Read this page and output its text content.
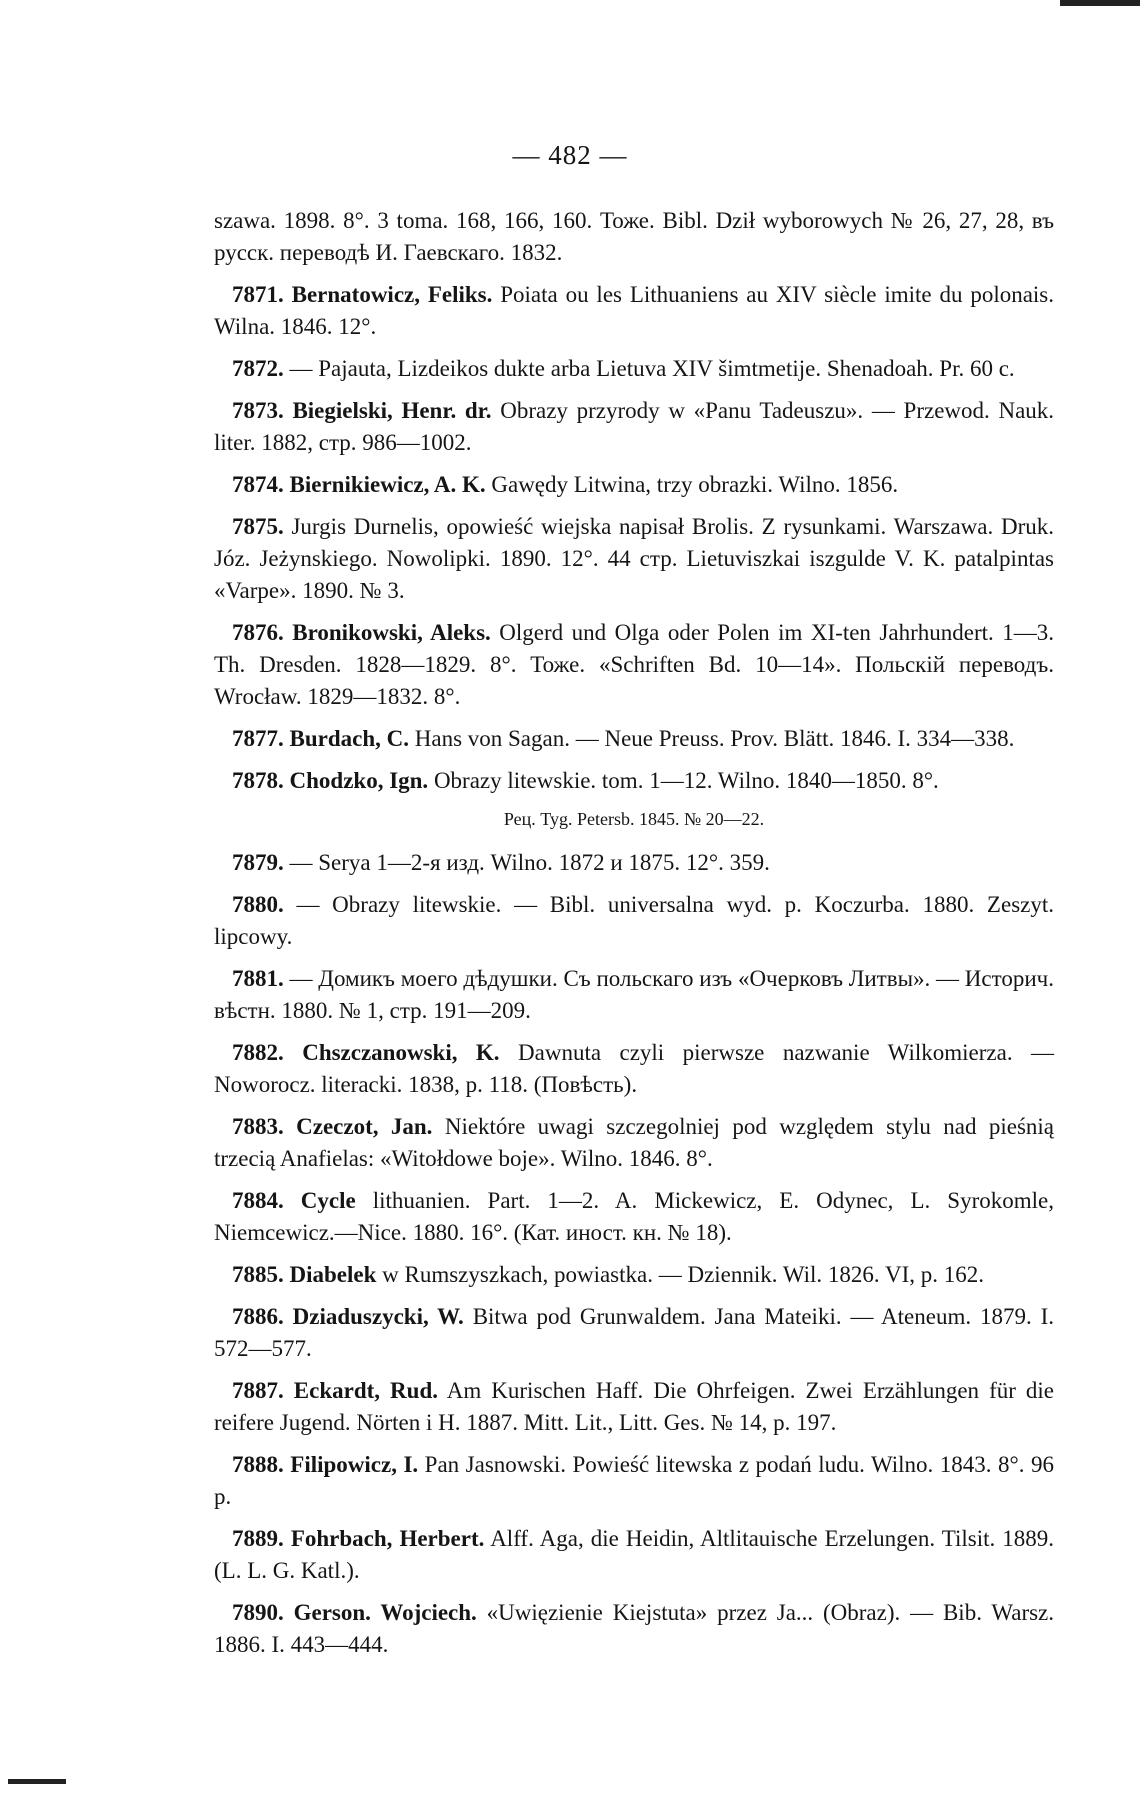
— 482 —

szawa. 1898. 8°. 3 toma. 168, 166, 160. Тоже. Bibl. Dził wyborowych № 26, 27, 28, въ русск. переводѣ И. Гаевскаго. 1832.

7871. Bernatowicz, Feliks. Poiata ou les Lithuaniens au XIV siècle imite du polonais. Wilna. 1846. 12°.

7872. — Pajauta, Lizdeikos dukte arba Lietuva XIV šimtmetije. Shenadoah. Pr. 60 c.

7873. Biegielski, Henr. dr. Obrazy przyrody w «Panu Tadeuszu». — Przewod. Nauk. liter. 1882, стр. 986—1002.

7874. Biernikiewicz, A. K. Gawędy Litwina, trzy obrazki. Wilno. 1856.

7875. Jurgis Durnelis, opowieść wiejska napisał Brolis. Z rysunkami. Warszawa. Druk. Józ. Jeżynskiego. Nowolipki. 1890. 12°. 44 стр. Lietuviszkai iszgulde V. K. patalpintas «Varpe». 1890. № 3.

7876. Bronikowski, Aleks. Olgerd und Olga oder Polen im XI-ten Jahrhundert. 1—3. Th. Dresden. 1828—1829. 8°. Тоже. «Schriften Bd. 10—14». Польскій переводъ. Wrocław. 1829—1832. 8°.

7877. Burdach, C. Hans von Sagan. — Neue Preuss. Prov. Blätt. 1846. I. 334—338.

7878. Chodzko, Ign. Obrazy litewskie. tom. 1—12. Wilno. 1840—1850. 8°.

Рец. Tyg. Petersb. 1845. № 20—22.

7879. — Serya 1—2-я изд. Wilno. 1872 и 1875. 12°. 359.

7880. — Obrazy litewskie. — Bibl. universalna wyd. p. Koczurba. 1880. Zeszyt. lipcowy.

7881. — Домикъ моего дѣдушки. Съ польскаго изъ «Очерковъ Литвы». — Историч. вѣстн. 1880. № 1, стр. 191—209.

7882. Chszczanowski, K. Dawnuta czyli pierwsze nazwanie Wilkomierza. — Noworocz. literacki. 1838, p. 118. (Повѣсть).

7883. Czeczot, Jan. Niektóre uwagi szczegolniej pod względem stylu nad pieśnią trzecią Anafielas: «Witołdowe boje». Wilno. 1846. 8°.

7884. Cycle lithuanien. Part. 1—2. A. Mickewicz, E. Odynec, L. Syrokomle, Niemcewicz.—Nice. 1880. 16°. (Кат. иност. кн. № 18).

7885. Diabelek w Rumszyszkach, powiastka. — Dziennik. Wil. 1826. VI, p. 162.

7886. Dziaduszycki, W. Bitwa pod Grunwaldem. Jana Mateiki. — Ateneum. 1879. I. 572—577.

7887. Eckardt, Rud. Am Kurischen Haff. Die Ohrfeigen. Zwei Erzählungen für die reifere Jugend. Nörten i H. 1887. Mitt. Lit., Litt. Ges. № 14, p. 197.

7888. Filipowicz, I. Pan Jasnowski. Powieść litewska z podań ludu. Wilno. 1843. 8°. 96 p.

7889. Fohrbach, Herbert. Alff. Aga, die Heidin, Altlitauische Erzelungen. Tilsit. 1889. (L. L. G. Katl.).

7890. Gerson. Wojciech. «Uwięzienie Kiejstuta» przez Ja... (Obraz). — Bib. Warsz. 1886. I. 443—444.
